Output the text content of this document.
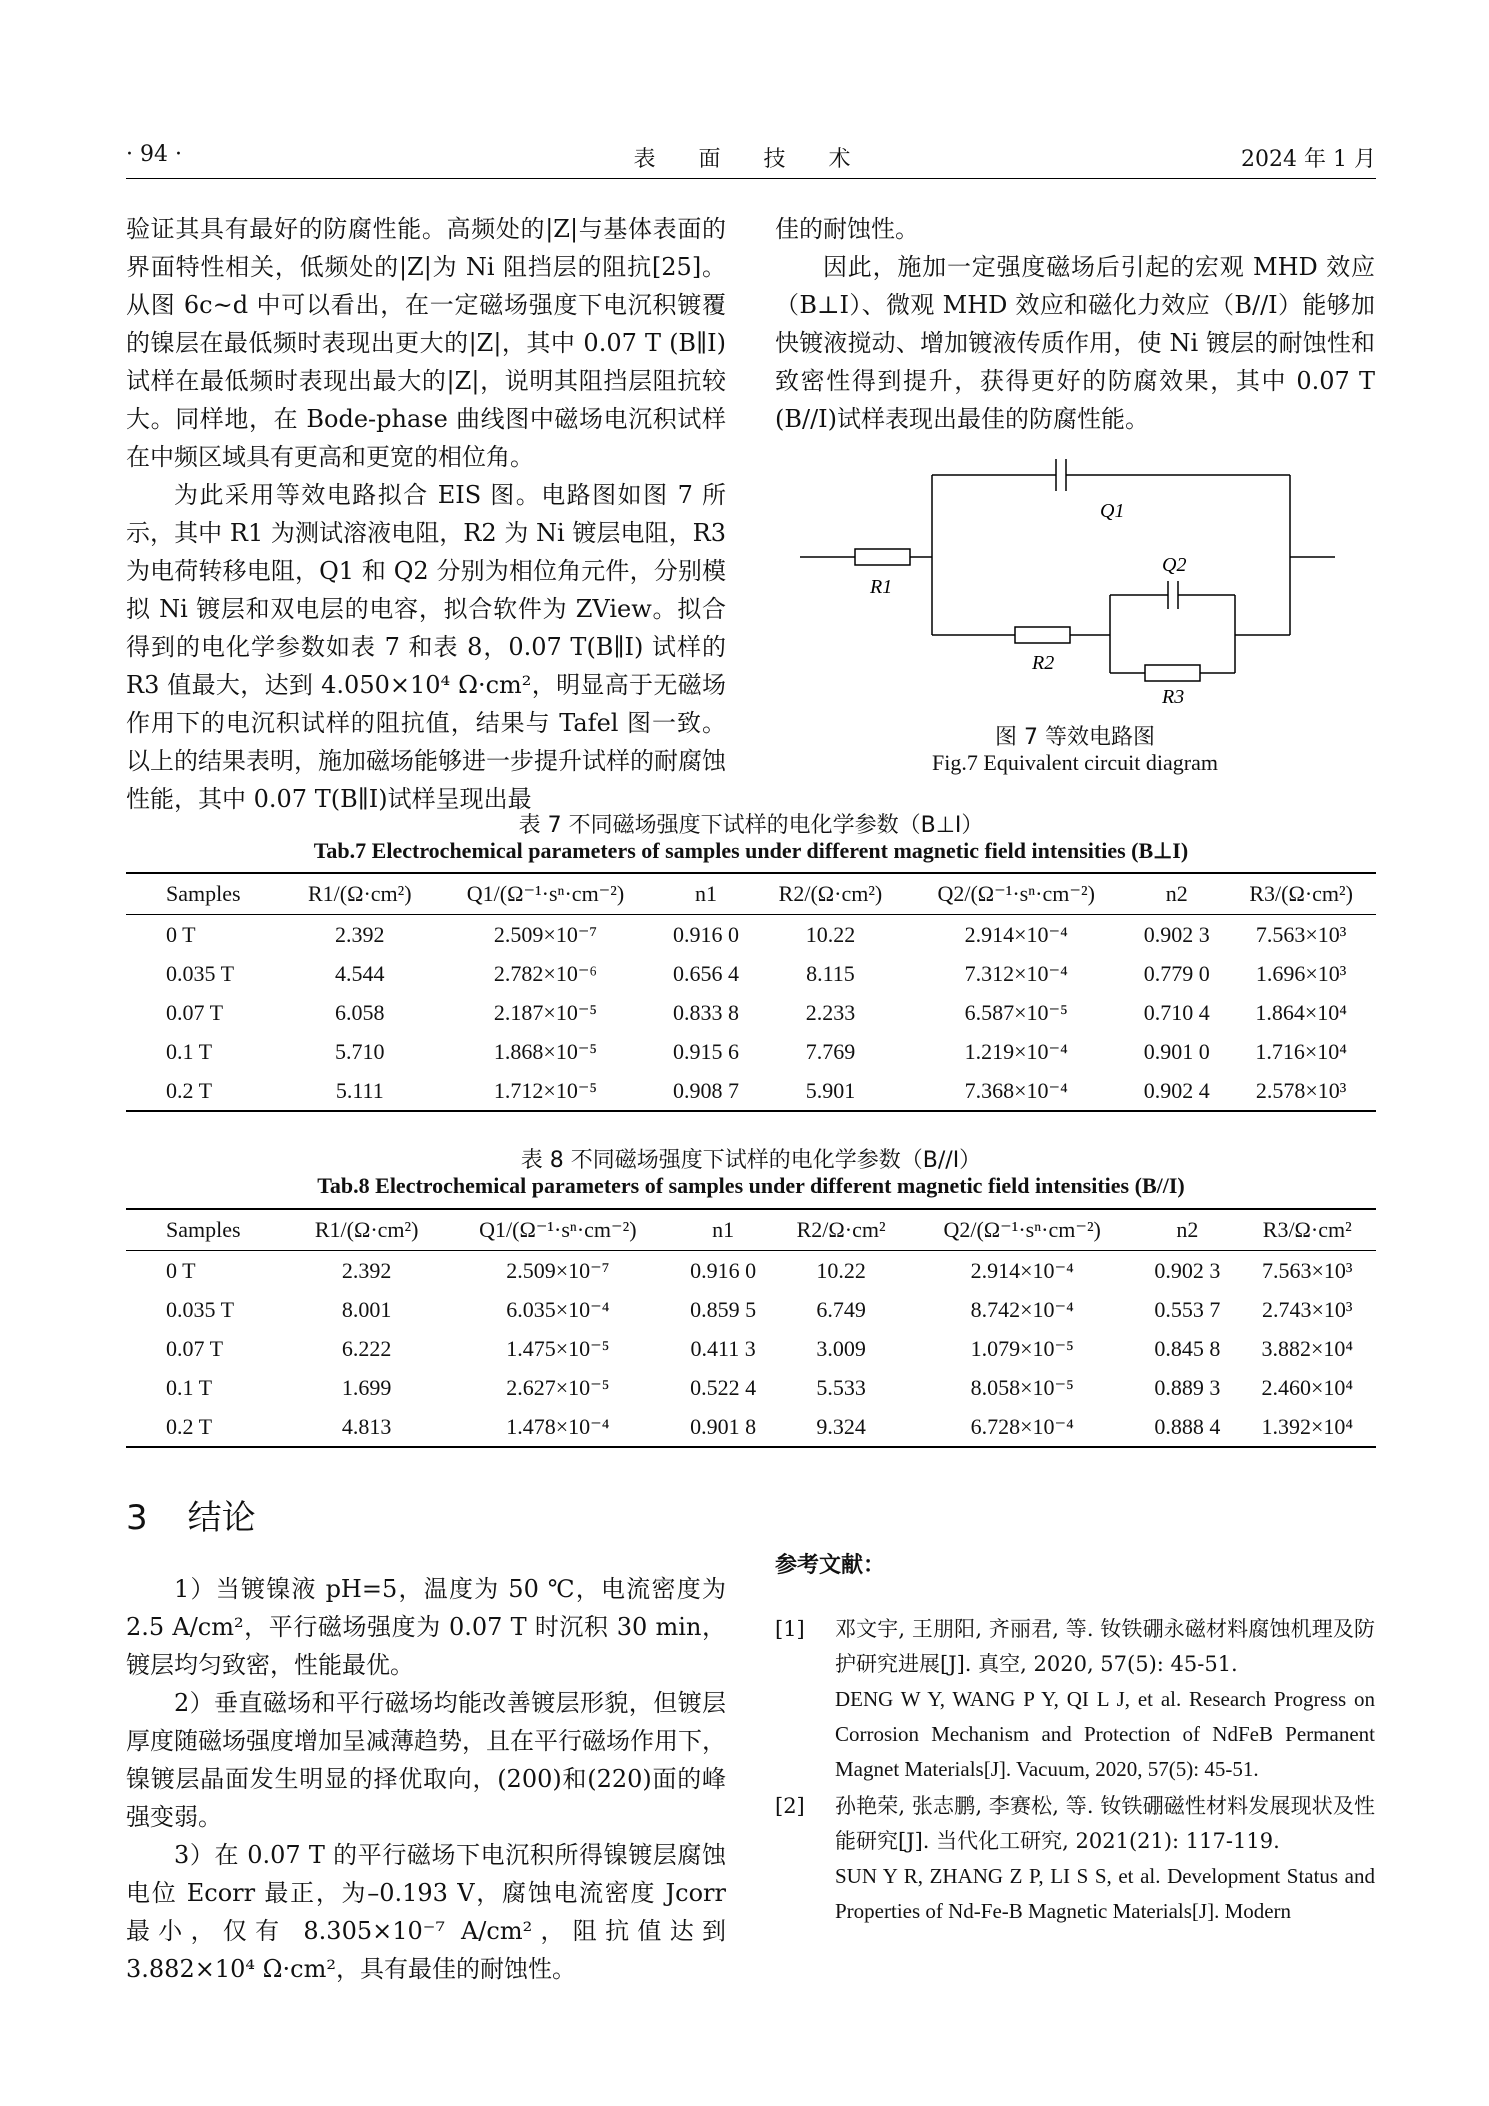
· 94 ·	表 面 技 术	2024 年 1 月

验证其具有最好的防腐性能。高频处的|Z|与基体表面的界面特性相关，低频处的|Z|为 Ni 阻挡层的阻抗[25]。从图 6c~d 中可以看出，在一定磁场强度下电沉积镀覆的镍层在最低频时表现出更大的|Z|，其中 0.07 T (B∥I) 试样在最低频时表现出最大的|Z|，说明其阻挡层阻抗较大。同样地，在 Bode-phase 曲线图中磁场电沉积试样在中频区域具有更高和更宽的相位角。

为此采用等效电路拟合 EIS 图。电路图如图 7 所示，其中 R1 为测试溶液电阻，R2 为 Ni 镀层电阻，R3 为电荷转移电阻，Q1 和 Q2 分别为相位角元件，分别模拟 Ni 镀层和双电层的电容，拟合软件为 ZView。拟合得到的电化学参数如表 7 和表 8，0.07 T(B∥I) 试样的 R3 值最大，达到 4.050×10⁴ Ω·cm²，明显高于无磁场作用下的电沉积试样的阻抗值，结果与 Tafel 图一致。以上的结果表明，施加磁场能够进一步提升试样的耐腐蚀性能，其中 0.07 T(B∥I)试样呈现出最

佳的耐蚀性。

因此，施加一定强度磁场后引起的宏观 MHD 效应（B⊥I）、微观 MHD 效应和磁化力效应（B//I）能够加快镀液搅动、增加镀液传质作用，使 Ni 镀层的耐蚀性和致密性得到提升，获得更好的防腐效果，其中 0.07 T (B//I)试样表现出最佳的防腐性能。

Q1
R1
Q2
R2
R3
图 7 等效电路图
Fig.7 Equivalent circuit diagram
表 7 不同磁场强度下试样的电化学参数（B⊥I）
Tab.7 Electrochemical parameters of samples under different magnetic field intensities (B⊥I)
Samples	R1/(Ω·cm²)	Q1/(Ω⁻¹·sⁿ·cm⁻²)	n1	R2/(Ω·cm²)	Q2/(Ω⁻¹·sⁿ·cm⁻²)	n2	R3/(Ω·cm²)
0 T	2.392	2.509×10⁻⁷	0.916 0	10.22	2.914×10⁻⁴	0.902 3	7.563×10³
0.035 T	4.544	2.782×10⁻⁶	0.656 4	8.115	7.312×10⁻⁴	0.779 0	1.696×10³
0.07 T	6.058	2.187×10⁻⁵	0.833 8	2.233	6.587×10⁻⁵	0.710 4	1.864×10⁴
0.1 T	5.710	1.868×10⁻⁵	0.915 6	7.769	1.219×10⁻⁴	0.901 0	1.716×10⁴
0.2 T	5.111	1.712×10⁻⁵	0.908 7	5.901	7.368×10⁻⁴	0.902 4	2.578×10³
表 8 不同磁场强度下试样的电化学参数（B//I）
Tab.8 Electrochemical parameters of samples under different magnetic field intensities (B//I)
Samples	R1/(Ω·cm²)	Q1/(Ω⁻¹·sⁿ·cm⁻²)	n1	R2/Ω·cm²	Q2/(Ω⁻¹·sⁿ·cm⁻²)	n2	R3/Ω·cm²
0 T	2.392	2.509×10⁻⁷	0.916 0	10.22	2.914×10⁻⁴	0.902 3	7.563×10³
0.035 T	8.001	6.035×10⁻⁴	0.859 5	6.749	8.742×10⁻⁴	0.553 7	2.743×10³
0.07 T	6.222	1.475×10⁻⁵	0.411 3	3.009	1.079×10⁻⁵	0.845 8	3.882×10⁴
0.1 T	1.699	2.627×10⁻⁵	0.522 4	5.533	8.058×10⁻⁵	0.889 3	2.460×10⁴
0.2 T	4.813	1.478×10⁻⁴	0.901 8	9.324	6.728×10⁻⁴	0.888 4	1.392×10⁴
3 结论

1）当镀镍液 pH=5，温度为 50 ℃，电流密度为 2.5 A/cm²，平行磁场强度为 0.07 T 时沉积 30 min，镀层均匀致密，性能最优。

2）垂直磁场和平行磁场均能改善镀层形貌，但镀层厚度随磁场强度增加呈减薄趋势，且在平行磁场作用下，镍镀层晶面发生明显的择优取向，(200)和(220)面的峰强变弱。

3）在 0.07 T 的平行磁场下电沉积所得镍镀层腐蚀电位 Ecorr 最正，为–0.193 V，腐蚀电流密度 Jcorr 最小，仅有 8.305×10⁻⁷ A/cm²，阻抗值达到 3.882×10⁴ Ω·cm²，具有最佳的耐蚀性。

参考文献：
[1]	邓文宇, 王朋阳, 齐丽君, 等. 钕铁硼永磁材料腐蚀机理及防护研究进展[J]. 真空, 2020, 57(5): 45-51.
DENG W Y, WANG P Y, QI L J, et al. Research Progress on Corrosion Mechanism and Protection of NdFeB Permanent Magnet Materials[J]. Vacuum, 2020, 57(5): 45-51.
[2]	孙艳荣, 张志鹏, 李赛松, 等. 钕铁硼磁性材料发展现状及性能研究[J]. 当代化工研究, 2021(21): 117-119.
SUN Y R, ZHANG Z P, LI S S, et al. Development Status and Properties of Nd-Fe-B Magnetic Materials[J]. Modern
